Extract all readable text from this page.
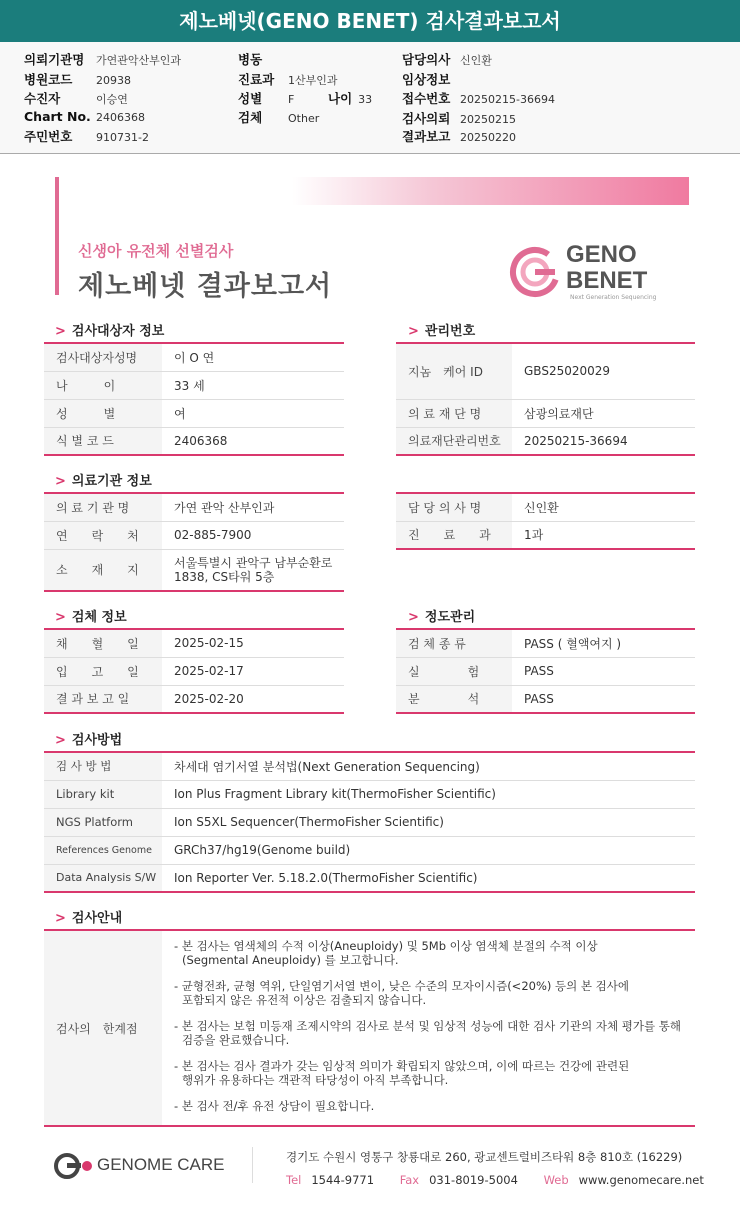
제노베넷(GENO BENET) 검사결과보고서
의뢰기관명 가연관악산부인과
병원코드 20938
수진자	이승연
Chart No. 2406368
주민번호 910731-2
병동
진료과 1산부인과
성별 F	나이 33
검체 Other
담당의사 신인환
임상정보
접수번호 20250215-36694
검사의뢰 20250215
결과보고 20250220
신생아 유전체 선별검사
제노베넷 결과보고서
GENO
BENET
Next Generation Sequencing
> 검사대상자 정보
검사대상자성명	이 O 연
나　　　이	33 세
성　　　별	여
식 별 코 드	2406368
> 관리번호
지놈　케어 ID	GBS25020029
의 료 재 단 명	삼광의료재단
의료재단관리번호	20250215-36694
> 의료기관 정보
의 료 기 관 명	가연 관악 산부인과
연　　락　　처	02-885-7900
소　　재　　지	서울특별시 관악구 남부순환로
1838, CS타워 5층
담 당 의 사 명	신인환
진　　료　　과	1과
> 검체 정보
채　　혈　　일	2025-02-15
입　　고　　일	2025-02-17
결 과 보 고 일	2025-02-20
> 정도관리
검 체 종 류	PASS ( 혈액여지 )
실　　　　험	PASS
분　　　　석	PASS
> 검사방법
검 사 방 법	차세대 염기서열 분석법(Next Generation Sequencing)
Library kit	Ion Plus Fragment Library kit(ThermoFisher Scientific)
NGS Platform	Ion S5XL Sequencer(ThermoFisher Scientific)
References Genome	GRCh37/hg19(Genome build)
Data Analysis S/W	Ion Reporter Ver. 5.18.2.0(ThermoFisher Scientific)
> 검사안내
검사의　한계점	
- 본 검사는 염색체의 수적 이상(Aneuploidy) 및 5Mb 이상 염색체 분절의 수적 이상
(Segmental Aneuploidy) 를 보고합니다.
- 균형전좌, 균형 역위, 단일염기서열 변이, 낮은 수준의 모자이시즘(<20%) 등의 본 검사에
포함되지 않은 유전적 이상은 검출되지 않습니다.
- 본 검사는 보험 미등재 조제시약의 검사로 분석 및 임상적 성능에 대한 검사 기관의 자체 평가를 통해
검증을 완료했습니다.
- 본 검사는 검사 결과가 갖는 임상적 의미가 확립되지 않았으며, 이에 따르는 건강에 관련된
행위가 유용하다는 객관적 타당성이 아직 부족합니다.
- 본 검사 전/후 유전 상담이 필요합니다.
GENOME CARE	경기도 수원시 영통구 창룡대로 260, 광교센트럴비즈타워 8층 810호 (16229)
Tel 1544-9771 Fax 031-8019-5004 Web www.genomecare.net
